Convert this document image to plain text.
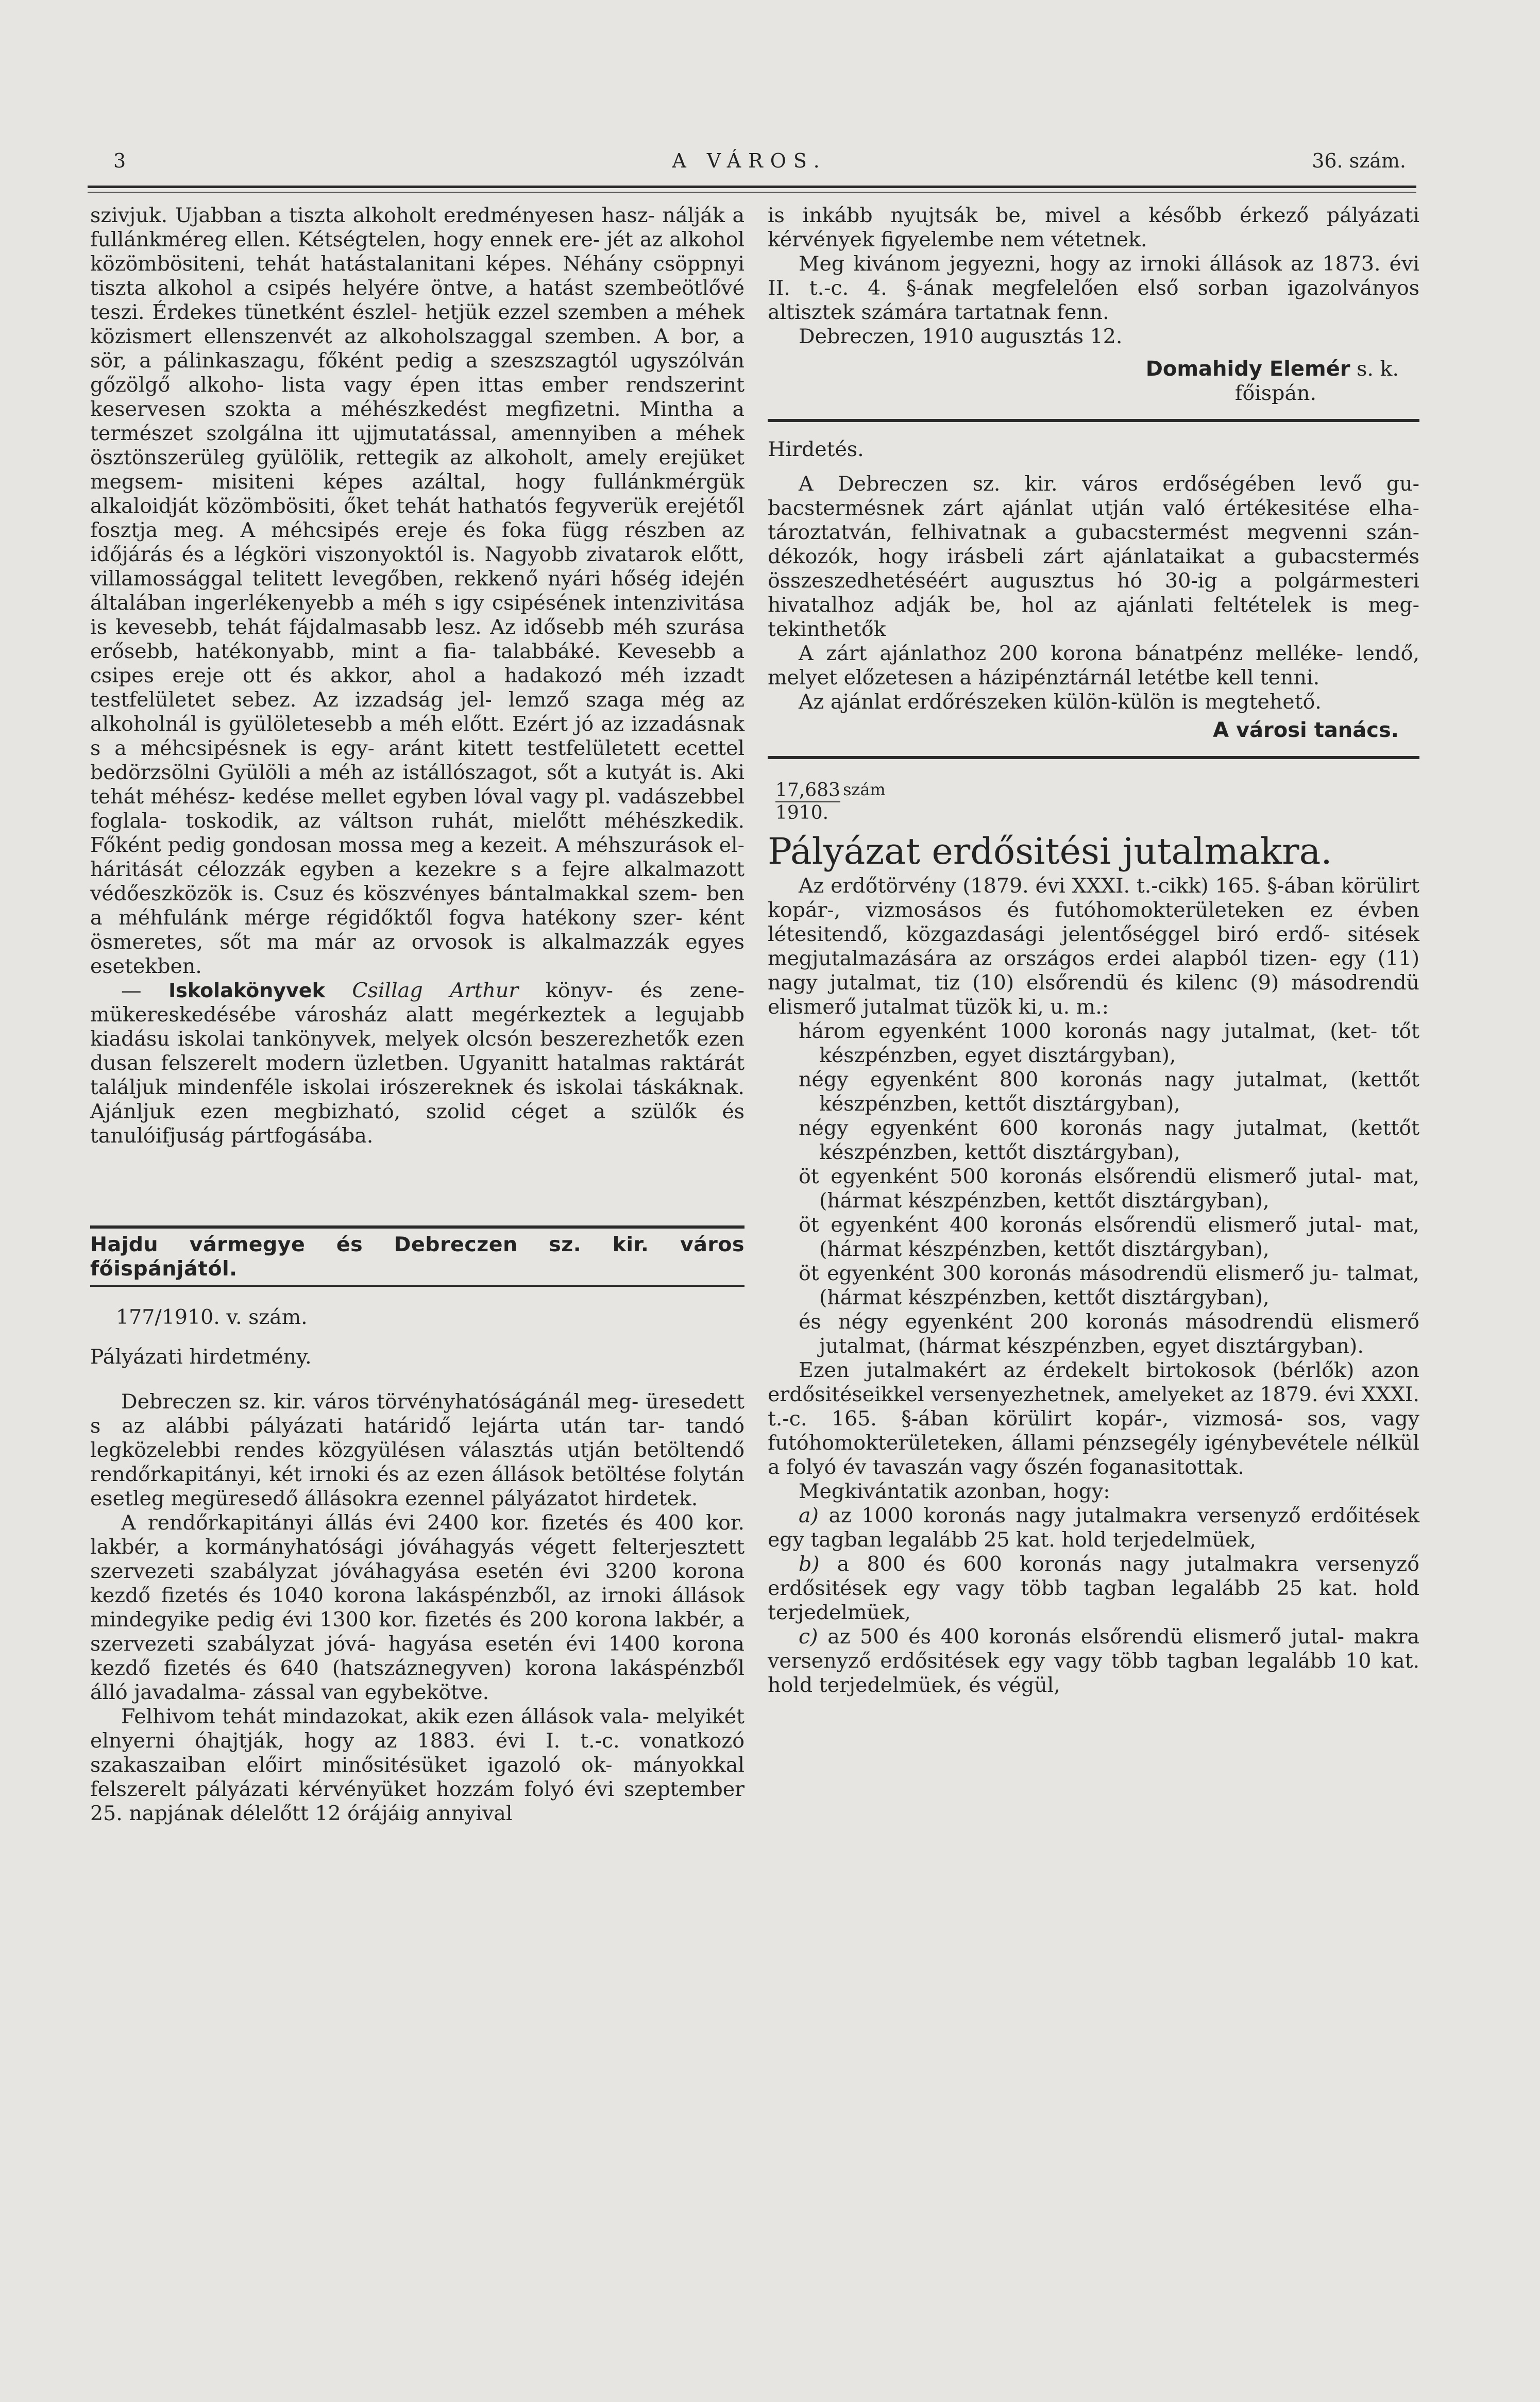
3	A VÁROS.	36. szám.

szivjuk. Ujabban a tiszta alkoholt eredményesen hasz- nálják a fullánkméreg ellen. Kétségtelen, hogy ennek ere- jét az alkohol közömbösiteni, tehát hatástalanitani képes. Néhány csöppnyi tiszta alkohol a csipés helyére öntve, a hatást szembeötlővé teszi. Érdekes tünetként észlel- hetjük ezzel szemben a méhek közismert ellenszenvét az alkoholszaggal szemben. A bor, a sör, a pálinkaszagu, főként pedig a szeszszagtól ugyszólván gőzölgő alkoho- lista vagy épen ittas ember rendszerint keservesen szokta a méhészkedést megfizetni. Mintha a természet szolgálna itt ujjmutatással, amennyiben a méhek ösztönszerüleg gyülölik, rettegik az alkoholt, amely erejüket megsem- misiteni képes azáltal, hogy fullánkmérgük alkaloidját közömbösiti, őket tehát hathatós fegyverük erejétől fosztja meg. A méhcsipés ereje és foka függ részben az időjárás és a légköri viszonyoktól is. Nagyobb zivatarok előtt, villamossággal telitett levegőben, rekkenő nyári hőség idején általában ingerlékenyebb a méh s igy csipésének intenzivitása is kevesebb, tehát fájdalmasabb lesz. Az idősebb méh szurása erősebb, hatékonyabb, mint a fia- talabbáké. Kevesebb a csipes ereje ott és akkor, ahol a hadakozó méh izzadt testfelületet sebez. Az izzadság jel- lemző szaga még az alkoholnál is gyülöletesebb a méh előtt. Ezért jó az izzadásnak s a méhcsipésnek is egy- aránt kitett testfelületett ecettel bedörzsölni Gyülöli a méh az istállószagot, sőt a kutyát is. Aki tehát méhész- kedése mellet egyben lóval vagy pl. vadászebbel foglala- toskodik, az váltson ruhát, mielőtt méhészkedik. Főként pedig gondosan mossa meg a kezeit. A méhszurások el- háritását célozzák egyben a kezekre s a fejre alkalmazott védőeszközök is. Csuz és köszvényes bántalmakkal szem- ben a méhfulánk mérge régidőktől fogva hatékony szer- ként ösmeretes, sőt ma már az orvosok is alkalmazzák egyes esetekben.

— Iskolakönyvek Csillag Arthur könyv- és zene- mükereskedésébe városház alatt megérkeztek a legujabb kiadásu iskolai tankönyvek, melyek olcsón beszerezhetők ezen dusan felszerelt modern üzletben. Ugyanitt hatalmas raktárát találjuk mindenféle iskolai irószereknek és iskolai táskáknak. Ajánljuk ezen megbizható, szolid céget a szülők és tanulóifjuság pártfogásába.

Hajdu vármegye és Debreczen sz. kir. város főispánjától.

177/1910. v. szám.

Pályázati hirdetmény.

Debreczen sz. kir. város törvényhatóságánál meg- üresedett s az alábbi pályázati határidő lejárta után tar- tandó legközelebbi rendes közgyülésen választás utján betöltendő rendőrkapitányi, két irnoki és az ezen állások betöltése folytán esetleg megüresedő állásokra ezennel pályázatot hirdetek.

A rendőrkapitányi állás évi 2400 kor. fizetés és 400 kor. lakbér, a kormányhatósági jóváhagyás végett felterjesztett szervezeti szabályzat jóváhagyása esetén évi 3200 korona kezdő fizetés és 1040 korona lakáspénzből, az irnoki állások mindegyike pedig évi 1300 kor. fizetés és 200 korona lakbér, a szervezeti szabályzat jóvá- hagyása esetén évi 1400 korona kezdő fizetés és 640 (hatszáznegyven) korona lakáspénzből álló javadalma- zással van egybekötve.

Felhivom tehát mindazokat, akik ezen állások vala- melyikét elnyerni óhajtják, hogy az 1883. évi I. t.-c. vonatkozó szakaszaiban előirt minősitésüket igazoló ok- mányokkal felszerelt pályázati kérvényüket hozzám folyó évi szeptember 25. napjának délelőtt 12 órájáig annyival

is inkább nyujtsák be, mivel a később érkező pályázati kérvények figyelembe nem vétetnek.

Meg kivánom jegyezni, hogy az irnoki állások az 1873. évi II. t.-c. 4. §-ának megfelelően első sorban igazolványos altisztek számára tartatnak fenn.

Debreczen, 1910 augusztás 12.

Domahidy Elemér s. k.

főispán.

Hirdetés.

A Debreczen sz. kir. város erdőségében levő gu- bacstermésnek zárt ajánlat utján való értékesitése elha- tároztatván, felhivatnak a gubacstermést megvenni szán- dékozók, hogy irásbeli zárt ajánlataikat a gubacstermés összeszedhetéséért augusztus hó 30-ig a polgármesteri hivatalhoz adják be, hol az ajánlati feltételek is meg- tekinthetők

A zárt ajánlathoz 200 korona bánatpénz melléke- lendő, melyet előzetesen a házipénztárnál letétbe kell tenni.

Az ajánlat erdőrészeken külön-külön is megtehető.

A városi tanács.

$\frac{17,683}{1910.}$ szám

Pályázat erdősitési jutalmakra.

Az erdőtörvény (1879. évi XXXI. t.-cikk) 165. §-ában körülirt kopár-, vizmosásos és futóhomokterületeken ez évben létesitendő, közgazdasági jelentőséggel biró erdő- sitések megjutalmazására az országos erdei alapból tizen- egy (11) nagy jutalmat, tiz (10) elsőrendü és kilenc (9) másodrendü elismerő jutalmat tüzök ki, u. m.:

három egyenként 1000 koronás nagy jutalmat, (ket- tőt készpénzben, egyet disztárgyban),

négy egyenként 800 koronás nagy jutalmat, (kettőt készpénzben, kettőt disztárgyban),

négy egyenként 600 koronás nagy jutalmat, (kettőt készpénzben, kettőt disztárgyban),

öt egyenként 500 koronás elsőrendü elismerő jutal- mat, (hármat készpénzben, kettőt disztárgyban),

öt egyenként 400 koronás elsőrendü elismerő jutal- mat, (hármat készpénzben, kettőt disztárgyban),

öt egyenként 300 koronás másodrendü elismerő ju- talmat, (hármat készpénzben, kettőt disztárgyban),

és négy egyenként 200 koronás másodrendü elismerő jutalmat, (hármat készpénzben, egyet disztárgyban).

Ezen jutalmakért az érdekelt birtokosok (bérlők) azon erdősitéseikkel versenyezhetnek, amelyeket az 1879. évi XXXI. t.-c. 165. §-ában körülirt kopár-, vizmosá- sos, vagy futóhomokterületeken, állami pénzsegély igénybevétele nélkül a folyó év tavaszán vagy őszén foganasitottak.

Megkivántatik azonban, hogy:

a) az 1000 koronás nagy jutalmakra versenyző erdőitések egy tagban legalább 25 kat. hold terjedelmüek,

b) a 800 és 600 koronás nagy jutalmakra versenyző erdősitések egy vagy több tagban legalább 25 kat. hold terjedelmüek,

c) az 500 és 400 koronás elsőrendü elismerő jutal- makra versenyző erdősitések egy vagy több tagban legalább 10 kat. hold terjedelmüek, és végül,
